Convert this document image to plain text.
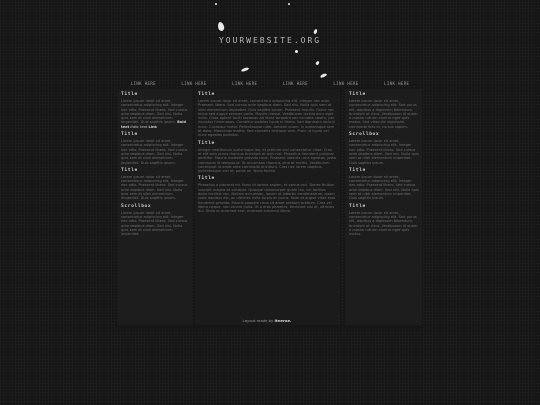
YOURWEBSITE.ORG
LINK HERE	LINK HERE	LINK HERE	LINK HERE	LINK HERE	LINK HERE
Title

Lorem ipsum dolor sit amet, consectetur adipiscing elit. Integer nec odio. Praesent libero. Sed cursus ante dapibus diam. Sed nisi. Nulla quis sem at nibh elementum imperdiet. Duis sagittis ipsum. Bold text Italic text Link

Title

Lorem ipsum dolor sit amet, consectetur adipiscing elit. Integer nec odio. Praesent libero. Sed cursus ante dapibus diam. Sed nisi. Nulla quis sem at nibh elementum imperdiet. Duis sagittis ipsum.

Title

Lorem ipsum dolor sit amet, consectetur adipiscing elit. Integer nec odio. Praesent libero. Sed cursus ante dapibus diam. Sed nisi. Nulla quis sem at nibh elementum imperdiet. Duis sagittis ipsum.

Scrollbox

Lorem ipsum dolor sit amet, consectetur adipiscing elit. Integer nec odio. Praesent libero. Sed cursus ante dapibus diam. Sed nisi. Nulla quis sem at nibh elementum imperdiet.

Title

Lorem ipsum dolor sit amet, consectetur adipiscing elit. Integer nec odio. Praesent libero. Sed cursus ante dapibus diam. Sed nisi. Nulla quis sem at nibh elementum imperdiet. Duis sagittis ipsum. Praesent mauris. Fusce nec tellus sed augue semper porta. Mauris massa. Vestibulum lacinia arcu eget nulla. Class aptent taciti sociosqu ad litora torquent per conubia nostra, per inceptos himenaeos. Curabitur sodales ligula in libero. Sed dignissim lacinia nunc. Curabitur tortor. Pellentesque nibh. Aenean quam. In scelerisque sem at dolor. Maecenas mattis. Sed convallis tristique sem. Proin ut ligula vel nunc egestas porttitor.

Title

Integer vestibulum scelerisque leo, et pretium orci consectetur vitae. Cras et elit quis purus rhoncus tincidunt at quis nisi. Phasellus hendrerit pulvinar porttitor. Mauris molestie gravida risus. Praesent lobortis urna egestas, justo commodo id tempus id. Ut accumsan rhoncus urna et mattis. Vestibulum consequat id amet ante commodo tincidunt. Cras nec lorem dapibus, pellentesque orci et, porta mi. Nulla facilisi.

Title

Phasellus a placerat mi. Nunc id lacinia sapien, et varius orci. Donec finibus suscipit magna at volutpat. Quisque ullamcorper quam leo, vel facilisis dolor facilisis nec. Nullam accumsan, ipsum ut lobortis condimentum, quam justo dapibus est, ac ultricies nulla turpis ac purus. Nam et augue vitae eros hendrerit gravida. Mauris posuere risus sit amet pretium pretium. Cras vel libero neque, non ornare nulla. Ut a eros pharetra, tincidunt nisl et, ultricies dui. Nulla ut euismod erat, euismod euismod libero.

Layout made by Itnerae.
Title

Lorem ipsum dolor sit amet, consectetur adipiscing elit. Sed purus elit, dapibus a dignissim bibendum, tincidunt ut risus. Vestibulum id quam a massa rutrum viverra eget quis metus. Sed vitae dui dignissim, commodo felis in, cursus sapien.

Scrollbox

Lorem ipsum dolor sit amet, consectetur adipiscing elit. Integer nec odio. Praesent libero. Sed cursus ante dapibus diam. Sed nisi. Nulla quis sem at nibh elementum imperdiet. Duis sagittis ipsum.

Title

Lorem ipsum dolor sit amet, consectetur adipiscing elit. Integer nec odio. Praesent libero. Sed cursus ante dapibus diam. Sed nisi. Nulla quis sem at nibh elementum imperdiet. Duis sagittis ipsum.

Title

Lorem ipsum dolor sit amet, consectetur adipiscing elit. Sed purus elit, dapibus a dignissim bibendum, tincidunt ut risus. Vestibulum id quam a massa rutrum viverra eget quis metus.
